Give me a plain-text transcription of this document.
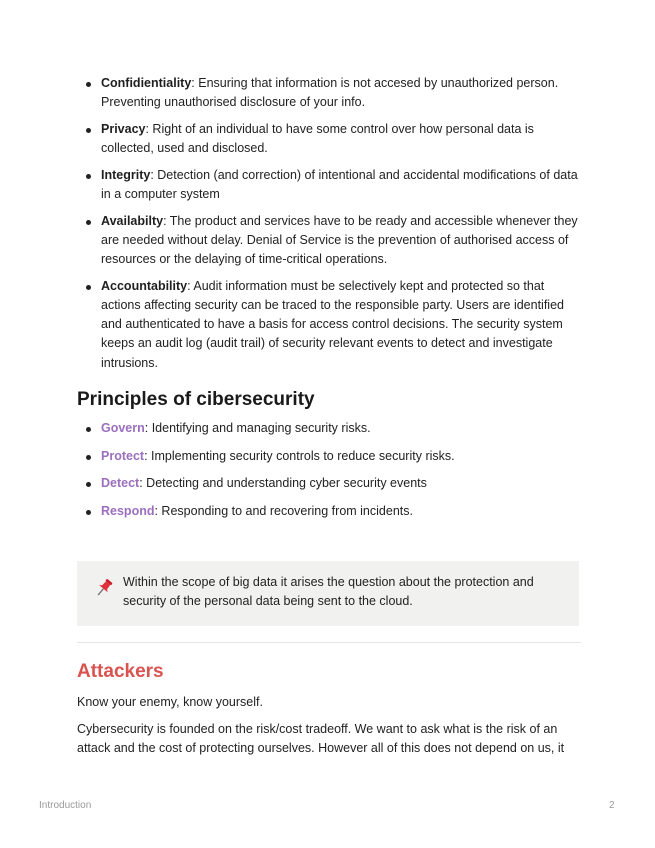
Confidientiality: Ensuring that information is not accesed by unauthorized person. Preventing unauthorised disclosure of your info.
Privacy: Right of an individual to have some control over how personal data is collected, used and disclosed.
Integrity: Detection (and correction) of intentional and accidental modifications of data in a computer system
Availabilty: The product and services have to be ready and accessible whenever they are needed without delay. Denial of Service is the prevention of authorised access of resources or the delaying of time-critical operations.
Accountability: Audit information must be selectively kept and protected so that actions affecting security can be traced to the responsible party. Users are identified and authenticated to have a basis for access control decisions. The security system keeps an audit log (audit trail) of security relevant events to detect and investigate intrusions.
Principles of cibersecurity
Govern: Identifying and managing security risks.
Protect: Implementing security controls to reduce security risks.
Detect: Detecting and understanding cyber security events
Respond: Responding to and recovering from incidents.
Within the scope of big data it arises the question about the protection and security of the personal data being sent to the cloud.
Attackers

Know your enemy, know yourself.

Cybersecurity is founded on the risk/cost tradeoff. We want to ask what is the risk of an attack and the cost of protecting ourselves. However all of this does not depend on us, it

Introduction	2
